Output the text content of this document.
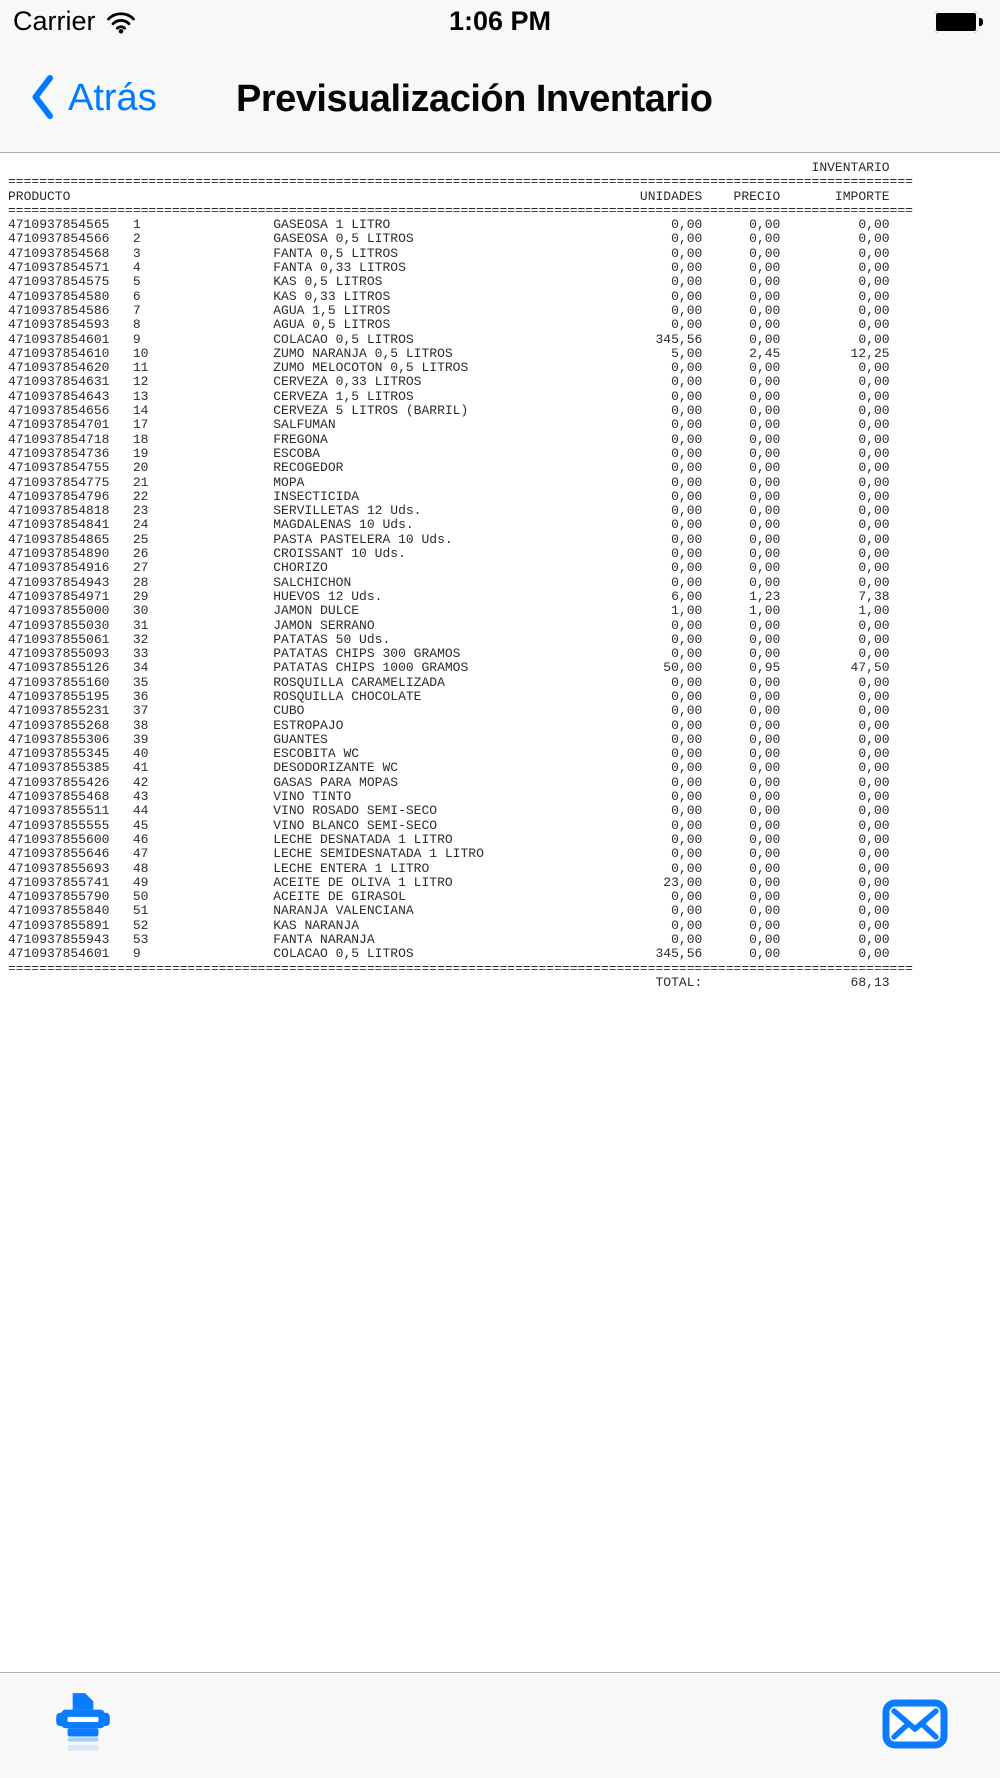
Carrier	1:06 PM
Atrás Previsualización Inventario
INVENTARIO
====================================================================================================================
PRODUCTO                                                                         UNIDADES    PRECIO       IMPORTE
====================================================================================================================
4710937854565   1                 GASEOSA 1 LITRO                                    0,00      0,00          0,00
4710937854566   2                 GASEOSA 0,5 LITROS                                 0,00      0,00          0,00
4710937854568   3                 FANTA 0,5 LITROS                                   0,00      0,00          0,00
4710937854571   4                 FANTA 0,33 LITROS                                  0,00      0,00          0,00
4710937854575   5                 KAS 0,5 LITROS                                     0,00      0,00          0,00
4710937854580   6                 KAS 0,33 LITROS                                    0,00      0,00          0,00
4710937854586   7                 AGUA 1,5 LITROS                                    0,00      0,00          0,00
4710937854593   8                 AGUA 0,5 LITROS                                    0,00      0,00          0,00
4710937854601   9                 COLACAO 0,5 LITROS                               345,56      0,00          0,00
4710937854610   10                ZUMO NARANJA 0,5 LITROS                            5,00      2,45         12,25
4710937854620   11                ZUMO MELOCOTON 0,5 LITROS                          0,00      0,00          0,00
4710937854631   12                CERVEZA 0,33 LITROS                                0,00      0,00          0,00
4710937854643   13                CERVEZA 1,5 LITROS                                 0,00      0,00          0,00
4710937854656   14                CERVEZA 5 LITROS (BARRIL)                          0,00      0,00          0,00
4710937854701   17                SALFUMAN                                           0,00      0,00          0,00
4710937854718   18                FREGONA                                            0,00      0,00          0,00
4710937854736   19                ESCOBA                                             0,00      0,00          0,00
4710937854755   20                RECOGEDOR                                          0,00      0,00          0,00
4710937854775   21                MOPA                                               0,00      0,00          0,00
4710937854796   22                INSECTICIDA                                        0,00      0,00          0,00
4710937854818   23                SERVILLETAS 12 Uds.                                0,00      0,00          0,00
4710937854841   24                MAGDALENAS 10 Uds.                                 0,00      0,00          0,00
4710937854865   25                PASTA PASTELERA 10 Uds.                            0,00      0,00          0,00
4710937854890   26                CROISSANT 10 Uds.                                  0,00      0,00          0,00
4710937854916   27                CHORIZO                                            0,00      0,00          0,00
4710937854943   28                SALCHICHON                                         0,00      0,00          0,00
4710937854971   29                HUEVOS 12 Uds.                                     6,00      1,23          7,38
4710937855000   30                JAMON DULCE                                        1,00      1,00          1,00
4710937855030   31                JAMON SERRANO                                      0,00      0,00          0,00
4710937855061   32                PATATAS 50 Uds.                                    0,00      0,00          0,00
4710937855093   33                PATATAS CHIPS 300 GRAMOS                           0,00      0,00          0,00
4710937855126   34                PATATAS CHIPS 1000 GRAMOS                         50,00      0,95         47,50
4710937855160   35                ROSQUILLA CARAMELIZADA                             0,00      0,00          0,00
4710937855195   36                ROSQUILLA CHOCOLATE                                0,00      0,00          0,00
4710937855231   37                CUBO                                               0,00      0,00          0,00
4710937855268   38                ESTROPAJO                                          0,00      0,00          0,00
4710937855306   39                GUANTES                                            0,00      0,00          0,00
4710937855345   40                ESCOBITA WC                                        0,00      0,00          0,00
4710937855385   41                DESODORIZANTE WC                                   0,00      0,00          0,00
4710937855426   42                GASAS PARA MOPAS                                   0,00      0,00          0,00
4710937855468   43                VINO TINTO                                         0,00      0,00          0,00
4710937855511   44                VINO ROSADO SEMI-SECO                              0,00      0,00          0,00
4710937855555   45                VINO BLANCO SEMI-SECO                              0,00      0,00          0,00
4710937855600   46                LECHE DESNATADA 1 LITRO                            0,00      0,00          0,00
4710937855646   47                LECHE SEMIDESNATADA 1 LITRO                        0,00      0,00          0,00
4710937855693   48                LECHE ENTERA 1 LITRO                               0,00      0,00          0,00
4710937855741   49                ACEITE DE OLIVA 1 LITRO                           23,00      0,00          0,00
4710937855790   50                ACEITE DE GIRASOL                                  0,00      0,00          0,00
4710937855840   51                NARANJA VALENCIANA                                 0,00      0,00          0,00
4710937855891   52                KAS NARANJA                                        0,00      0,00          0,00
4710937855943   53                FANTA NARANJA                                      0,00      0,00          0,00
4710937854601   9                 COLACAO 0,5 LITROS                               345,56      0,00          0,00
====================================================================================================================
TOTAL:                   68,13
